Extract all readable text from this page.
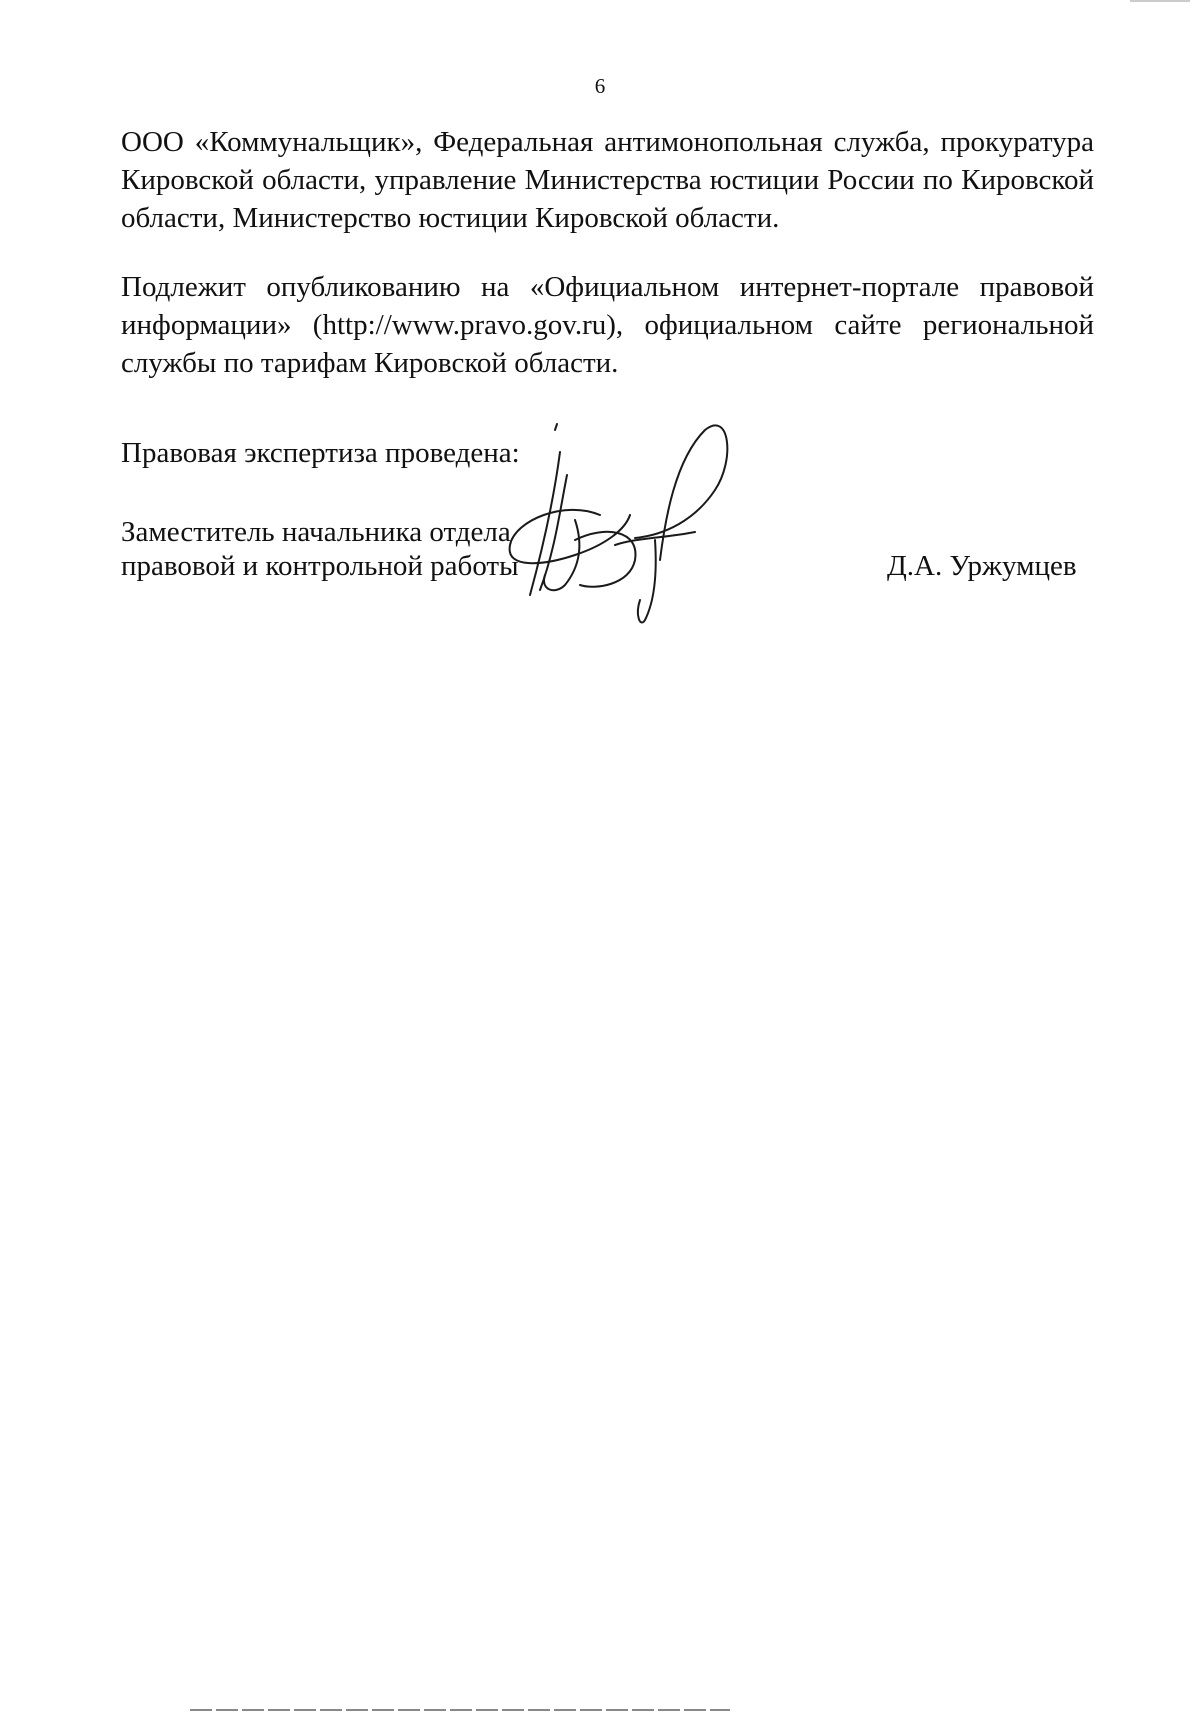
6

ООО «Коммунальщик», Федеральная антимонопольная служба, прокуратура Кировской области, управление Министерства юстиции России по Кировской области, Министерство юстиции Кировской области.

Подлежит опубликованию на «Официальном интернет-портале правовой информации» (http://www.pravo.gov.ru), официальном сайте региональной службы по тарифам Кировской области.

Правовая экспертиза проведена:
Заместитель начальника отдела
правовой и контрольной работы	Д.А. Уржумцев
